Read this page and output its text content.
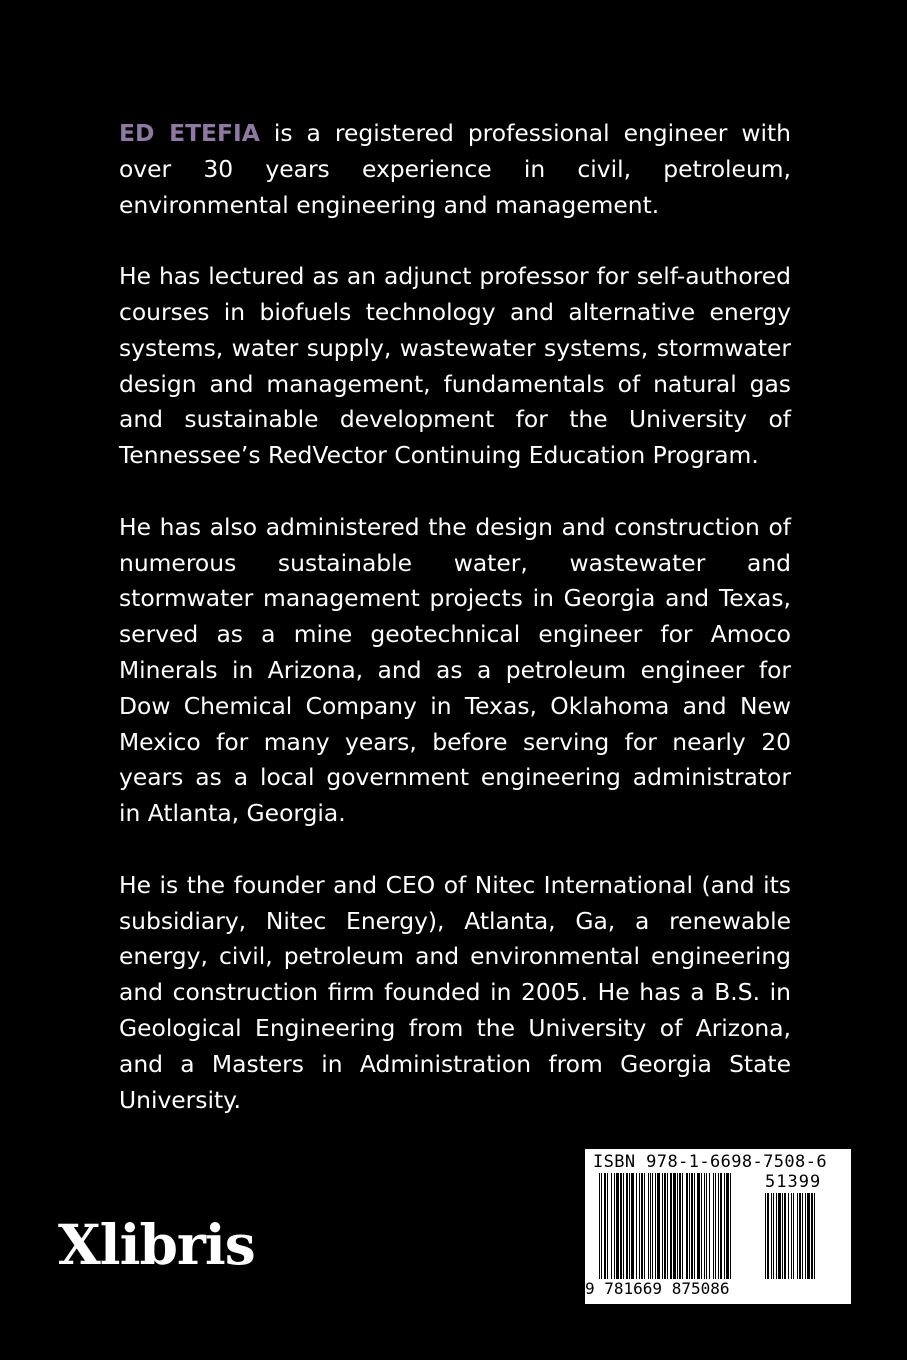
ED ETEFIA is a registered professional engineer with over 30 years experience in civil, petroleum, environmental engineering and management.

He has lectured as an adjunct professor for self-authored courses in biofuels technology and alternative energy systems, water supply, wastewater systems, stormwater design and management, fundamentals of natural gas and sustainable development for the University of Tennessee’s RedVector Continuing Education Program.

He has also administered the design and construction of numerous sustainable water, wastewater and stormwater management projects in Georgia and Texas, served as a mine geotechnical engineer for Amoco Minerals in Arizona, and as a petroleum engineer for Dow Chemical Company in Texas, Oklahoma and New Mexico for many years, before serving for nearly 20 years as a local government engineering administrator in Atlanta, Georgia.

He is the founder and CEO of Nitec International (and its subsidiary, Nitec Energy), Atlanta, Ga, a renewable energy, civil, petroleum and environmental engineering and construction firm founded in 2005. He has a B.S. in Geological Engineering from the University of Arizona, and a Masters in Administration from Georgia State University.

Xlibris
ISBN 978-1-6698-7508-6
51399
9 781669 875086
